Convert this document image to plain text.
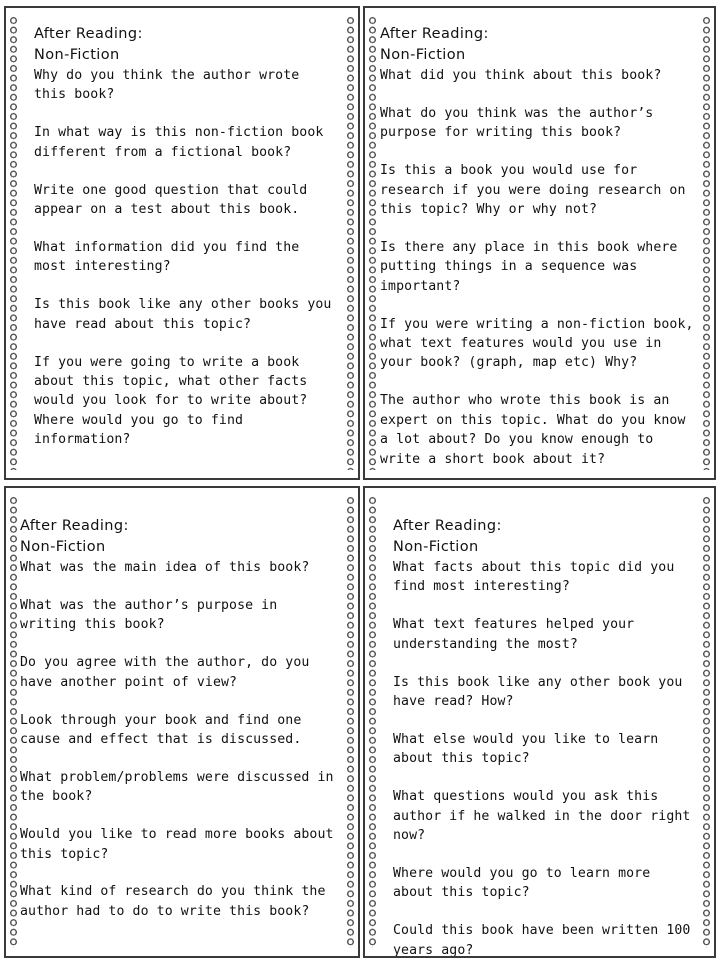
After Reading:
Non-Fiction
Why do you think the author wrote this book?
In what way is this non-fiction book different from a fictional book?
Write one good question that could appear on a test about this book.
What information did you find the most interesting?
Is this book like any other books you have read about this topic?
If you were going to write a book about this topic, what other facts would you look for to write about? Where would you go to find information?
After Reading:
Non-Fiction
What did you think about this book?
What do you think was the author’s purpose for writing this book?
Is this a book you would use for research if you were doing research on this topic? Why or why not?
Is there any place in this book where putting things in a sequence was important?
If you were writing a non-fiction book, what text features would you use in your book? (graph, map etc) Why?
The author who wrote this book is an expert on this topic. What do you know a lot about? Do you know enough to write a short book about it?
After Reading:
Non-Fiction
What was the main idea of this book?
What was the author’s purpose in writing this book?
Do you agree with the author, do you have another point of view?
Look through your book and find one cause and effect that is discussed.
What problem/problems were discussed in the book?
Would you like to read more books about this topic?
What kind of research do you think the author had to do to write this book?
After Reading:
Non-Fiction
What facts about this topic did you find most interesting?
What text features helped your understanding the most?
Is this book like any other book you have read? How?
What else would you like to learn about this topic?
What questions would you ask this author if he walked in the door right now?
Where would you go to learn more about this topic?
Could this book have been written 100 years ago?
